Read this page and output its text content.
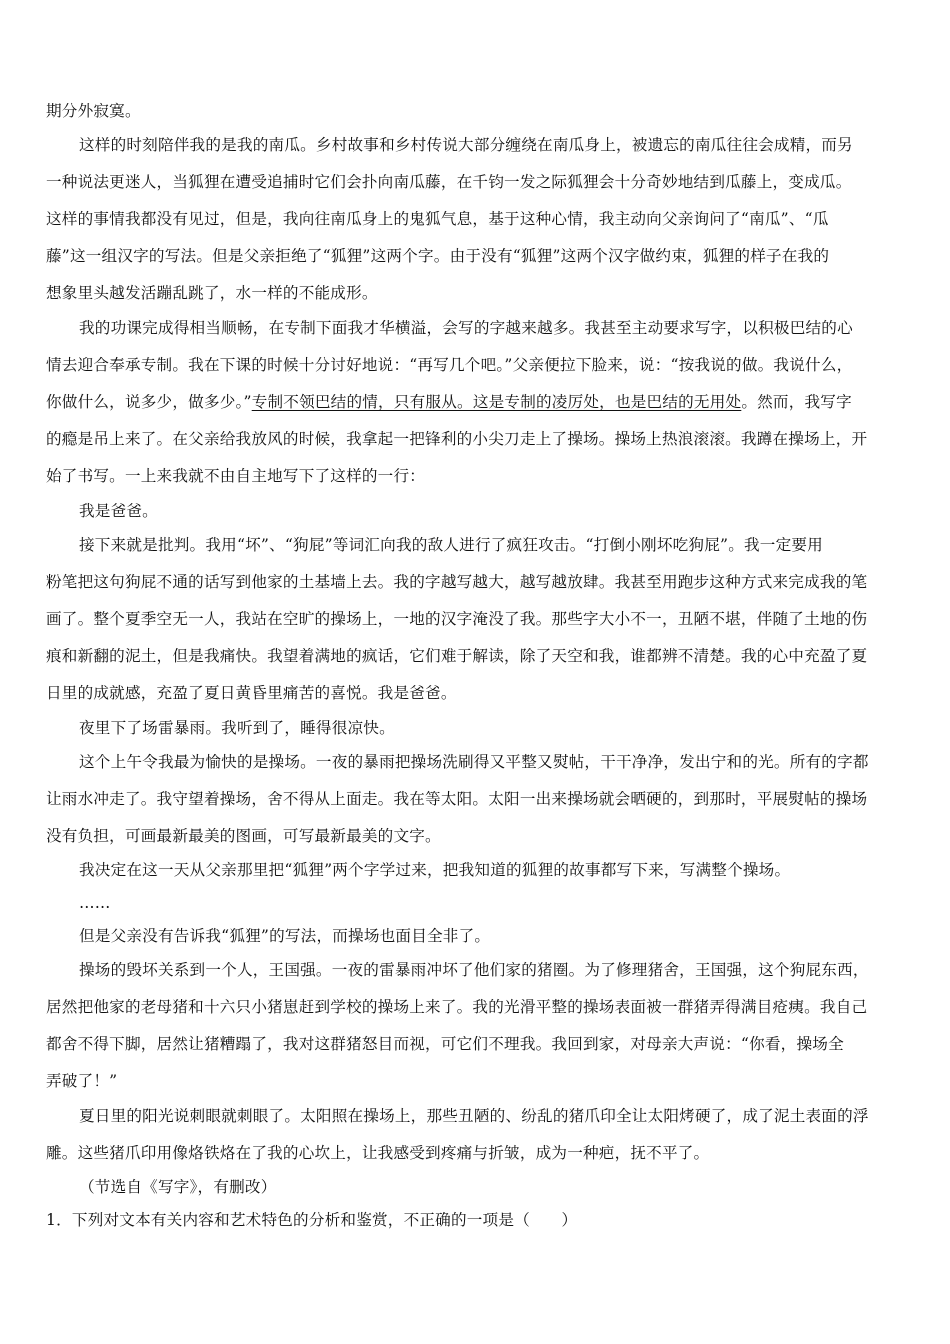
期分外寂寞。
这样的时刻陪伴我的是我的南瓜。乡村故事和乡村传说大部分缠绕在南瓜身上，被遗忘的南瓜往往会成精，而另
一种说法更迷人，当狐狸在遭受追捕时它们会扑向南瓜藤，在千钧一发之际狐狸会十分奇妙地结到瓜藤上，变成瓜。
这样的事情我都没有见过，但是，我向往南瓜身上的鬼狐气息，基于这种心情，我主动向父亲询问了“南瓜”、“瓜
藤”这一组汉字的写法。但是父亲拒绝了“狐狸”这两个字。由于没有“狐狸”这两个汉字做约束，狐狸的样子在我的
想象里头越发活蹦乱跳了，水一样的不能成形。
我的功课完成得相当顺畅，在专制下面我才华横溢，会写的字越来越多。我甚至主动要求写字，以积极巴结的心
情去迎合奉承专制。我在下课的时候十分讨好地说：“再写几个吧。”父亲便拉下脸来，说：“按我说的做。我说什么，
你做什么，说多少，做多少。”专制不领巴结的情，只有服从。这是专制的凌厉处，也是巴结的无用处。然而，我写字
的瘾是吊上来了。在父亲给我放风的时候，我拿起一把锋利的小尖刀走上了操场。操场上热浪滚滚。我蹲在操场上，开
始了书写。一上来我就不由自主地写下了这样的一行：
我是爸爸。
接下来就是批判。我用“坏”、“狗屁”等词汇向我的敌人进行了疯狂攻击。“打倒小刚坏吃狗屁”。我一定要用
粉笔把这句狗屁不通的话写到他家的土基墙上去。我的字越写越大，越写越放肆。我甚至用跑步这种方式来完成我的笔
画了。整个夏季空无一人，我站在空旷的操场上，一地的汉字淹没了我。那些字大小不一，丑陋不堪，伴随了土地的伤
痕和新翻的泥土，但是我痛快。我望着满地的疯话，它们难于解读，除了天空和我，谁都辨不清楚。我的心中充盈了夏
日里的成就感，充盈了夏日黄昏里痛苦的喜悦。我是爸爸。
夜里下了场雷暴雨。我听到了，睡得很凉快。
这个上午令我最为愉快的是操场。一夜的暴雨把操场洗刷得又平整又熨帖，干干净净，发出宁和的光。所有的字都
让雨水冲走了。我守望着操场，舍不得从上面走。我在等太阳。太阳一出来操场就会晒硬的，到那时，平展熨帖的操场
没有负担，可画最新最美的图画，可写最新最美的文字。
我决定在这一天从父亲那里把“狐狸”两个字学过来，把我知道的狐狸的故事都写下来，写满整个操场。
……
但是父亲没有告诉我“狐狸”的写法，而操场也面目全非了。
操场的毁坏关系到一个人，王国强。一夜的雷暴雨冲坏了他们家的猪圈。为了修理猪舍，王国强，这个狗屁东西，
居然把他家的老母猪和十六只小猪崽赶到学校的操场上来了。我的光滑平整的操场表面被一群猪弄得满目疮痍。我自己
都舍不得下脚，居然让猪糟蹋了，我对这群猪怒目而视，可它们不理我。我回到家，对母亲大声说：“你看，操场全
弄破了！”
夏日里的阳光说刺眼就刺眼了。太阳照在操场上，那些丑陋的、纷乱的猪爪印全让太阳烤硬了，成了泥土表面的浮
雕。这些猪爪印用像烙铁烙在了我的心坎上，让我感受到疼痛与折皱，成为一种疤，抚不平了。
（节选自《写字》，有删改）
1．下列对文本有关内容和艺术特色的分析和鉴赏，不正确的一项是（　　）
